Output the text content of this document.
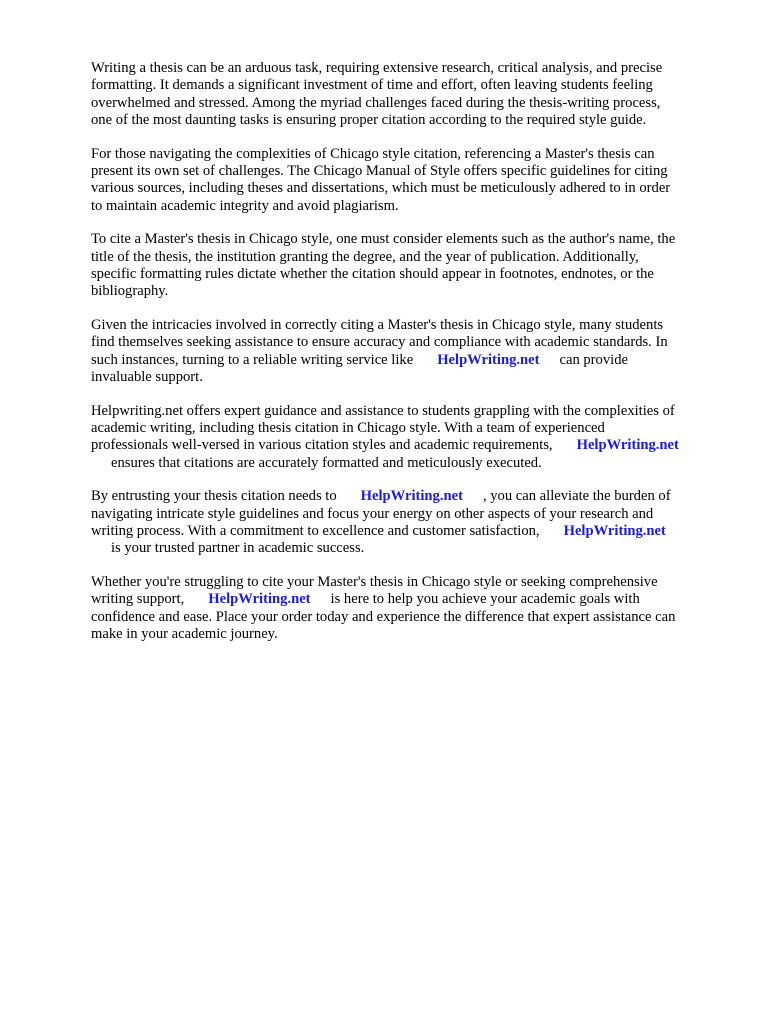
Writing a thesis can be an arduous task, requiring extensive research, critical analysis, and precise
formatting. It demands a significant investment of time and effort, often leaving students feeling
overwhelmed and stressed. Among the myriad challenges faced during the thesis-writing process,
one of the most daunting tasks is ensuring proper citation according to the required style guide.

For those navigating the complexities of Chicago style citation, referencing a Master's thesis can
present its own set of challenges. The Chicago Manual of Style offers specific guidelines for citing
various sources, including theses and dissertations, which must be meticulously adhered to in order
to maintain academic integrity and avoid plagiarism.

To cite a Master's thesis in Chicago style, one must consider elements such as the author's name, the
title of the thesis, the institution granting the degree, and the year of publication. Additionally,
specific formatting rules dictate whether the citation should appear in footnotes, endnotes, or the
bibliography.

Given the intricacies involved in correctly citing a Master's thesis in Chicago style, many students
find themselves seeking assistance to ensure accuracy and compliance with academic standards. In
such instances, turning to a reliable writing service like HelpWriting.net can provide
invaluable support.

Helpwriting.net offers expert guidance and assistance to students grappling with the complexities of
academic writing, including thesis citation in Chicago style. With a team of experienced
professionals well-versed in various citation styles and academic requirements, HelpWriting.net
ensures that citations are accurately formatted and meticulously executed.

By entrusting your thesis citation needs to HelpWriting.net , you can alleviate the burden of
navigating intricate style guidelines and focus your energy on other aspects of your research and
writing process. With a commitment to excellence and customer satisfaction, HelpWriting.net
is your trusted partner in academic success.

Whether you're struggling to cite your Master's thesis in Chicago style or seeking comprehensive
writing support, HelpWriting.net is here to help you achieve your academic goals with
confidence and ease. Place your order today and experience the difference that expert assistance can
make in your academic journey.
